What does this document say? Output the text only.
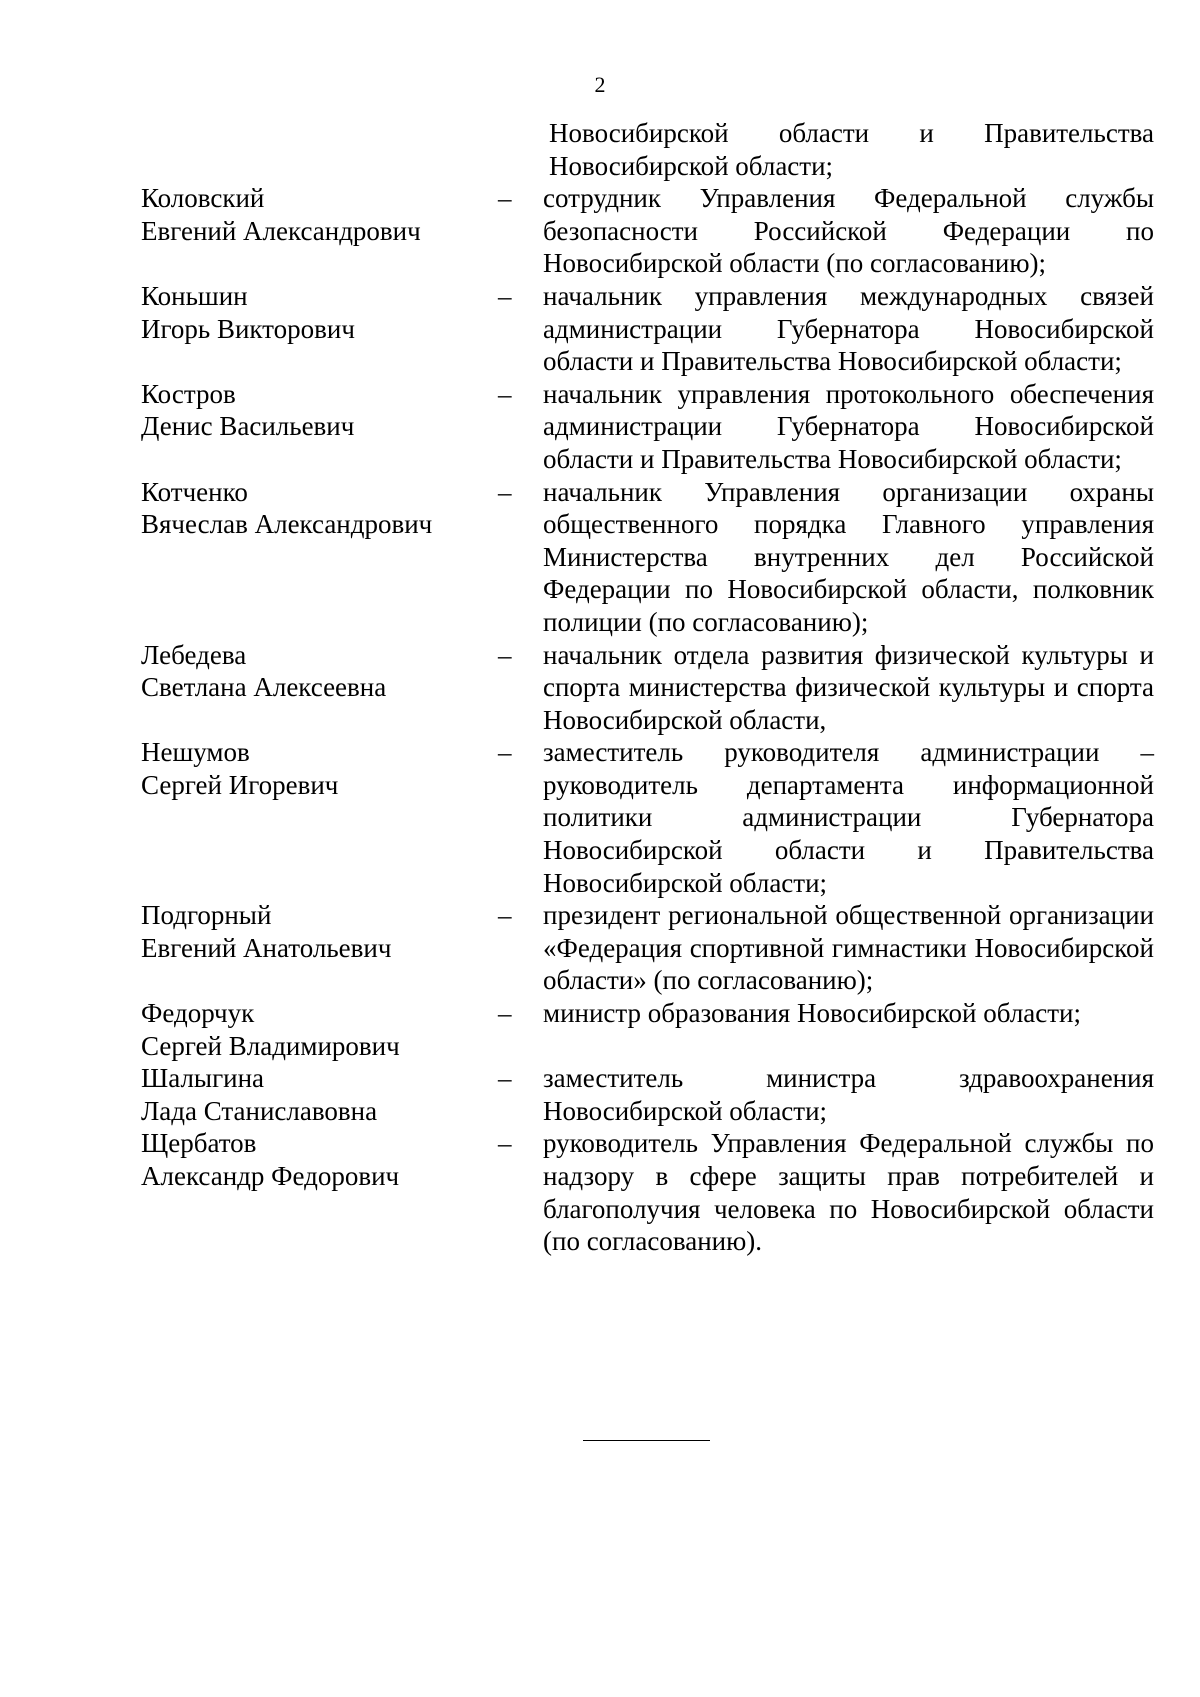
2
Новосибирской области и Правительства Новосибирской области;
Коловский
Евгений Александрович
–	сотрудник Управления Федеральной службы безопасности Российской Федерации по Новосибирской области (по согласованию);
Коньшин
Игорь Викторович
–	начальник управления международных связей администрации Губернатора Новосибирской области и Правительства Новосибирской области;
Костров
Денис Васильевич
–	начальник управления протокольного обеспечения администрации Губернатора Новосибирской области и Правительства Новосибирской области;
Котченко
Вячеслав Александрович
–	начальник Управления организации охраны общественного порядка Главного управления Министерства внутренних дел Российской Федерации по Новосибирской области, полковник полиции (по согласованию);
Лебедева
Светлана Алексеевна
–	начальник отдела развития физической культуры и спорта министерства физической культуры и спорта Новосибирской области,
Нешумов
Сергей Игоревич
–	заместитель руководителя администрации – руководитель департамента информационной политики администрации Губернатора Новосибирской области и Правительства Новосибирской области;
Подгорный
Евгений Анатольевич
–	президент региональной общественной организации «Федерация спортивной гимнастики Новосибирской области» (по согласованию);
Федорчук
Сергей Владимирович
–	министр образования Новосибирской области;
Шалыгина
Лада Станиславовна
–	заместитель министра здравоохранения Новосибирской области;
Щербатов
Александр Федорович
–	руководитель Управления Федеральной службы по надзору в сфере защиты прав потребителей и благополучия человека по Новосибирской области (по согласованию).
